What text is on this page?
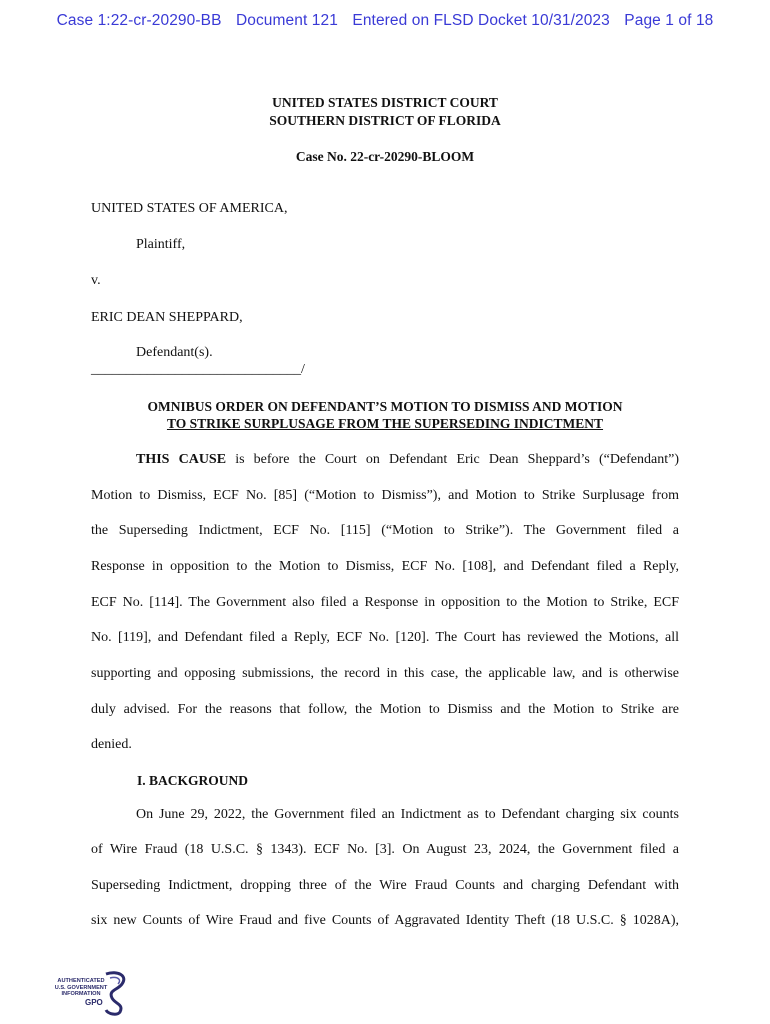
Case 1:22-cr-20290-BB Document 121 Entered on FLSD Docket 10/31/2023 Page 1 of 18
UNITED STATES DISTRICT COURT
SOUTHERN DISTRICT OF FLORIDA
Case No. 22-cr-20290-BLOOM
UNITED STATES OF AMERICA,
Plaintiff,
v.
ERIC DEAN SHEPPARD,
Defendant(s).
______________________________/
OMNIBUS ORDER ON DEFENDANT’S MOTION TO DISMISS AND MOTION
TO STRIKE SURPLUSAGE FROM THE SUPERSEDING INDICTMENT
THIS CAUSE is before the Court on Defendant Eric Dean Sheppard’s (“Defendant”)
Motion to Dismiss, ECF No. [85] (“Motion to Dismiss”), and Motion to Strike Surplusage from
the Superseding Indictment, ECF No. [115] (“Motion to Strike”). The Government filed a
Response in opposition to the Motion to Dismiss, ECF No. [108], and Defendant filed a Reply,
ECF No. [114]. The Government also filed a Response in opposition to the Motion to Strike, ECF
No. [119], and Defendant filed a Reply, ECF No. [120]. The Court has reviewed the Motions, all
supporting and opposing submissions, the record in this case, the applicable law, and is otherwise
duly advised. For the reasons that follow, the Motion to Dismiss and the Motion to Strike are
denied.
I. BACKGROUND
On June 29, 2022, the Government filed an Indictment as to Defendant charging six counts
of Wire Fraud (18 U.S.C. § 1343). ECF No. [3]. On August 23, 2024, the Government filed a
Superseding Indictment, dropping three of the Wire Fraud Counts and charging Defendant with
six new Counts of Wire Fraud and five Counts of Aggravated Identity Theft (18 U.S.C. § 1028A),
AUTHENTICATED
U.S. GOVERNMENT
INFORMATION
GPO
